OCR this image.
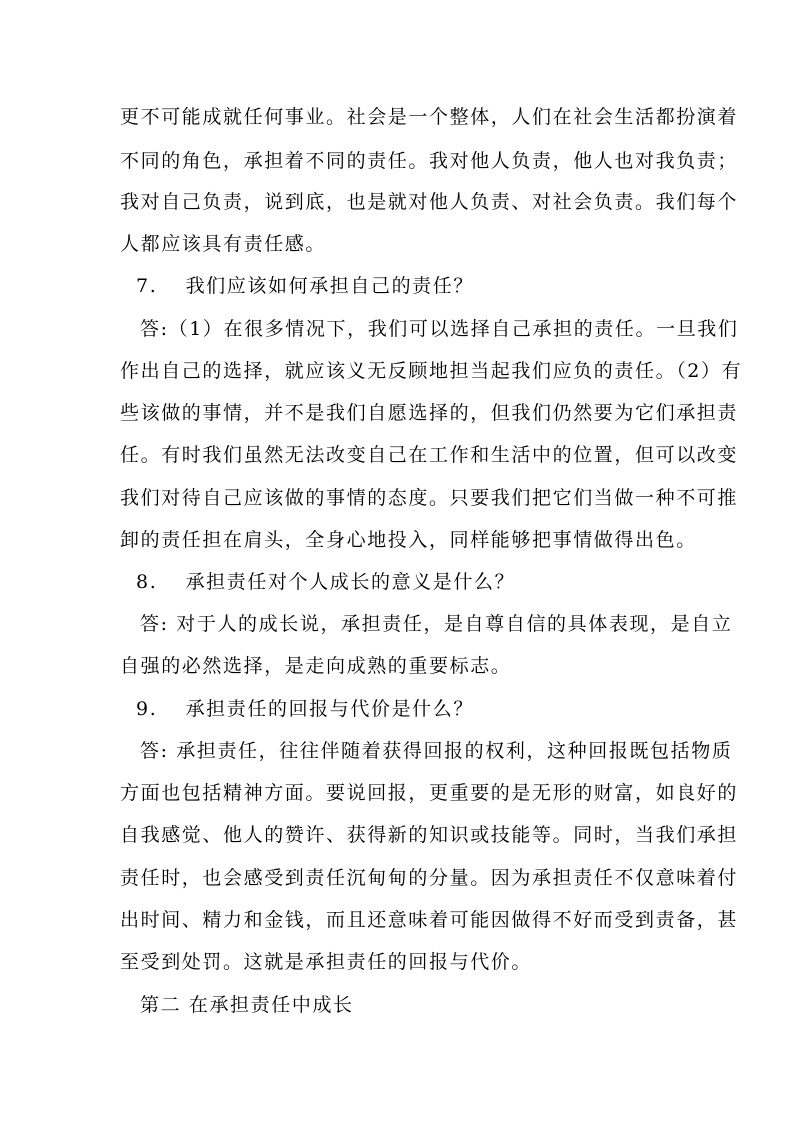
更不可能成就任何事业。社会是一个整体，人们在社会生活都扮演着
不同的角色，承担着不同的责任。我对他人负责，他人也对我负责；
我对自己负责，说到底，也是就对他人负责、对社会负责。我们每个
人都应该具有责任感。
7.　 我们应该如何承担自己的责任？
答:（1）在很多情况下，我们可以选择自己承担的责任。一旦我们
作出自己的选择，就应该义无反顾地担当起我们应负的责任。（2）有
些该做的事情，并不是我们自愿选择的，但我们仍然要为它们承担责
任。有时我们虽然无法改变自己在工作和生活中的位置，但可以改变
我们对待自己应该做的事情的态度。只要我们把它们当做一种不可推
卸的责任担在肩头，全身心地投入，同样能够把事情做得出色。
8.　 承担责任对个人成长的意义是什么？
答: 对于人的成长说，承担责任，是自尊自信的具体表现，是自立
自强的必然选择，是走向成熟的重要标志。
9.　 承担责任的回报与代价是什么？
答: 承担责任，往往伴随着获得回报的权利，这种回报既包括物质
方面也包括精神方面。要说回报，更重要的是无形的财富，如良好的
自我感觉、他人的赞许、获得新的知识或技能等。同时，当我们承担
责任时，也会感受到责任沉甸甸的分量。因为承担责任不仅意味着付
出时间、精力和金钱，而且还意味着可能因做得不好而受到责备，甚
至受到处罚。这就是承担责任的回报与代价。
第二 在承担责任中成长
